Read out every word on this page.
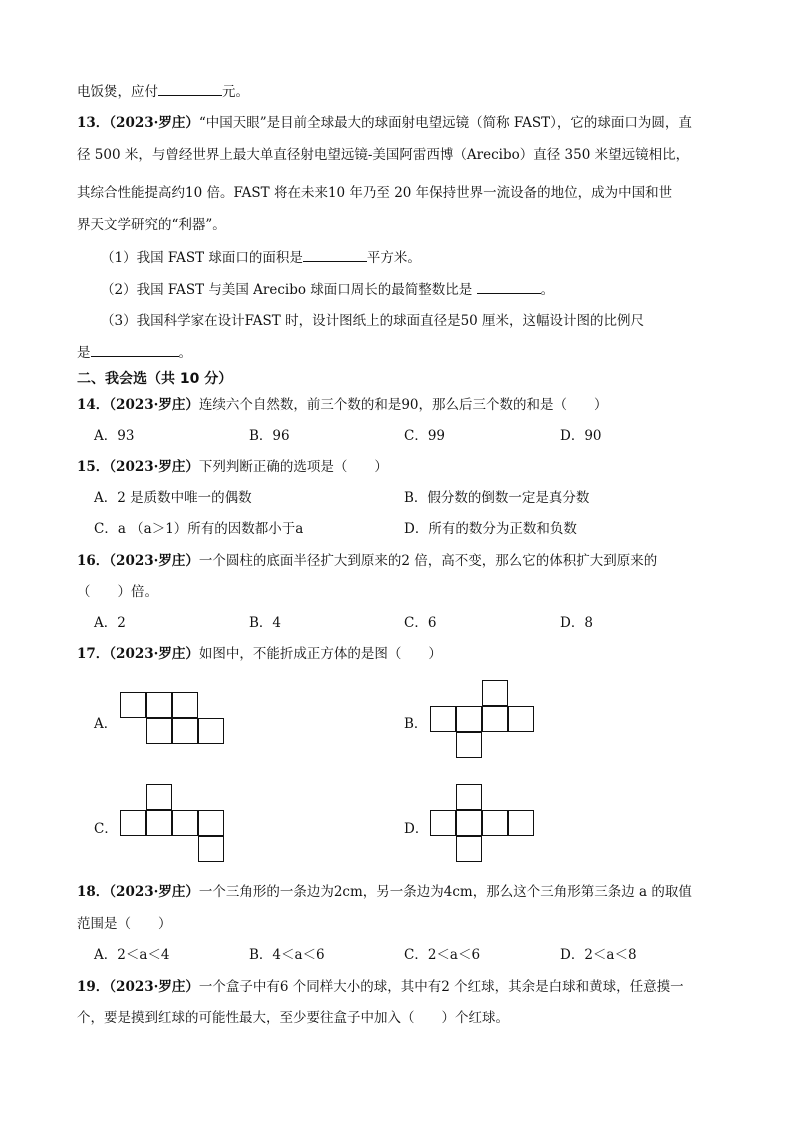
电饭煲，应付	元。
13．（2023·罗庄）“中国天眼”是目前全球最大的球面射电望远镜（简称 FAST），它的球面口为圆，直
径 500 米，与曾经世界上最大单直径射电望远镜-美国阿雷西博（Arecibo）直径 350 米望远镜相比，
其综合性能提高约10 倍。FAST 将在未来10 年乃至 20 年保持世界一流设备的地位，成为中国和世
界天文学研究的“利器”。
（1）我国 FAST 球面口的面积是	平方米。
（2）我国 FAST 与美国 Arecibo 球面口周长的最简整数比是	。
（3）我国科学家在设计FAST 时，设计图纸上的球面直径是50 厘米，这幅设计图的比例尺
是	。
二、我会选（共 10 分）
14．（2023·罗庄）连续六个自然数，前三个数的和是90，那么后三个数的和是（　　）
A．93	B．96	C．99	D．90
15．（2023·罗庄）下列判断正确的选项是（　　）
A．2 是质数中唯一的偶数	B．假分数的倒数一定是真分数
C．a （a＞1）所有的因数都小于a	D．所有的数分为正数和负数
16．（2023·罗庄）一个圆柱的底面半径扩大到原来的2 倍，高不变，那么它的体积扩大到原来的
（　　）倍。
A．2	B．4	C．6	D．8
17．（2023·罗庄）如图中，不能折成正方体的是图（　　）
A．	B．
C．	D．
18．（2023·罗庄）一个三角形的一条边为2cm，另一条边为4cm，那么这个三角形第三条边 a 的取值
范围是（　　）
A．2＜a＜4	B．4＜a＜6	C．2＜a＜6	D．2＜a＜8
19．（2023·罗庄）一个盒子中有6 个同样大小的球，其中有2 个红球，其余是白球和黄球，任意摸一
个，要是摸到红球的可能性最大，至少要往盒子中加入（　　）个红球。
